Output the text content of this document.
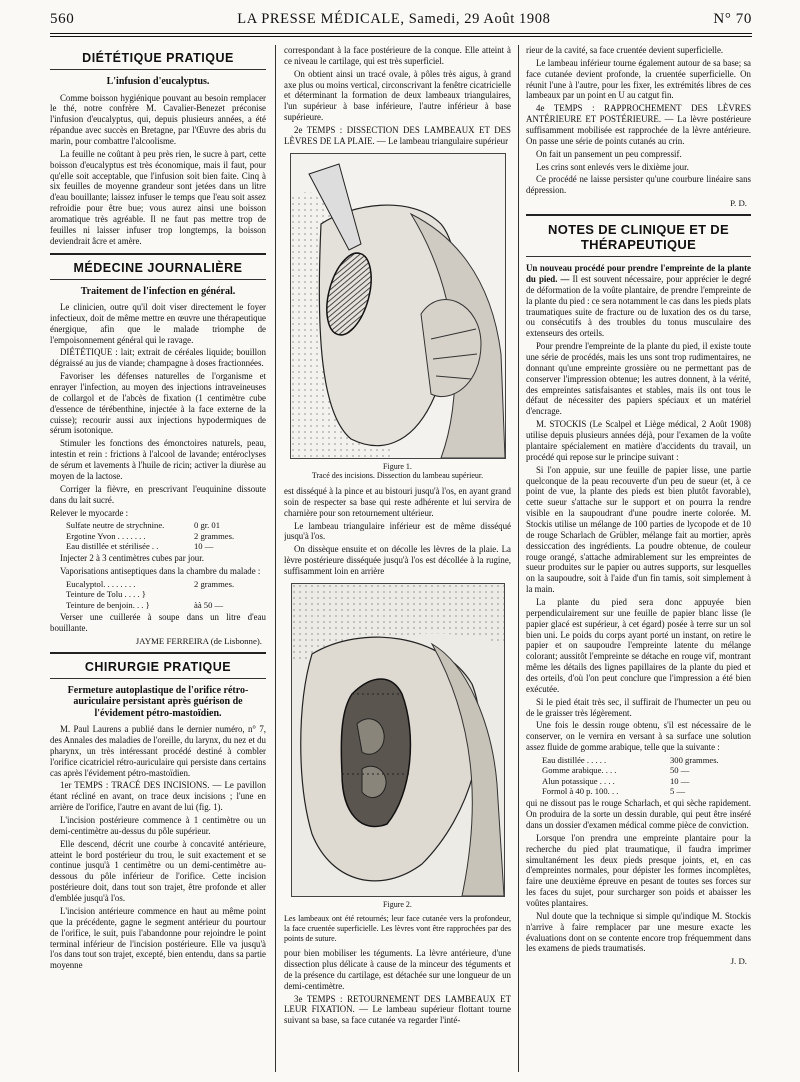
560	LA PRESSE MÉDICALE, Samedi, 29 Août 1908	N° 70
DIÉTÉTIQUE PRATIQUE
L'infusion d'eucalyptus.

Comme boisson hygiénique pouvant au besoin remplacer le thé, notre confrère M. Cavalier-Benezet préconise l'infusion d'eucalyptus, qui, depuis plusieurs années, a été répandue avec succès en Bretagne, par l'Œuvre des abris du marin, pour combattre l'alcoolisme.

La feuille ne coûtant à peu près rien, le sucre à part, cette boisson d'eucalyptus est très économique, mais il faut, pour qu'elle soit acceptable, que l'infusion soit bien faite. Cinq à six feuilles de moyenne grandeur sont jetées dans un litre d'eau bouillante; laissez infuser le temps que l'eau soit assez refroidie pour être bue; vous aurez ainsi une boisson aromatique très agréable. Il ne faut pas mettre trop de feuilles ni laisser infuser trop longtemps, la boisson deviendrait âcre et amère.

MÉDECINE JOURNALIÈRE
Traitement de l'infection en général.

Le clinicien, outre qu'il doit viser directement le foyer infectieux, doit de même mettre en œuvre une thérapeutique énergique, afin que le malade triomphe de l'empoisonnement général qui le ravage.

DIÉTÉTIQUE : lait; extrait de céréales liquide; bouillon dégraissé au jus de viande; champagne à doses fractionnées.

Favoriser les défenses naturelles de l'organisme et enrayer l'infection, au moyen des injections intraveineuses de collargol et de l'abcès de fixation (1 centimètre cube d'essence de térébenthine, injectée à la face externe de la cuisse); recourir aussi aux injections hypodermiques de sérum isotonique.

Stimuler les fonctions des émonctoires naturels, peau, intestin et rein : frictions à l'alcool de lavande; entéroclyses de sérum et lavements à l'huile de ricin; activer la diurèse au moyen de la lactose.

Corriger la fièvre, en prescrivant l'euquinine dissoute dans du lait sucré.

Relever le myocarde :

Sulfate neutre de strychnine.	0 gr. 01
Ergotine Yvon . . . . . . .	2 grammes.
Eau distillée et stérilisée . .	10 —

Injecter 2 à 3 centimètres cubes par jour.

Vaporisations antiseptiques dans la chambre du malade :

Eucalyptol. . . . . . . .	2 grammes.
Teinture de Tolu . . . . }
Teinture de benjoin. . . }	àà 50 —

Verser une cuillerée à soupe dans un litre d'eau bouillante.

JAYME FERREIRA (de Lisbonne).
CHIRURGIE PRATIQUE
Fermeture autoplastique de l'orifice rétro-auriculaire persistant après guérison de l'évidement pétro-mastoïdien.

M. Paul Laurens a publié dans le dernier numéro, n° 7, des Annales des maladies de l'oreille, du larynx, du nez et du pharynx, un très intéressant procédé destiné à combler l'orifice cicatriciel rétro-auriculaire qui persiste dans certains cas après l'évidement pétro-mastoïdien.

1er TEMPS : TRACÉ DES INCISIONS. — Le pavillon étant récliné en avant, on trace deux incisions ; l'une en arrière de l'orifice, l'autre en avant de lui (fig. 1).

L'incision postérieure commence à 1 centimètre ou un demi-centimètre au-dessus du pôle supérieur.

Elle descend, décrit une courbe à concavité antérieure, atteint le bord postérieur du trou, le suit exactement et se continue jusqu'à 1 centimètre ou un demi-centimètre au-dessous du pôle inférieur de l'orifice. Cette incision postérieure doit, dans tout son trajet, être profonde et aller d'emblée jusqu'à l'os.

L'incision antérieure commence en haut au même point que la précédente, gagne le segment antérieur du pourtour de l'orifice, le suit, puis l'abandonne pour rejoindre le point terminal inférieur de l'incision postérieure. Elle va jusqu'à l'os dans tout son trajet, excepté, bien entendu, dans sa partie moyenne

correspondant à la face postérieure de la conque. Elle atteint à ce niveau le cartilage, qui est très superficiel.

On obtient ainsi un tracé ovale, à pôles très aigus, à grand axe plus ou moins vertical, circonscrivant la fenêtre cicatricielle et déterminant la formation de deux lambeaux triangulaires, l'un supérieur à base inférieure, l'autre inférieur à base supérieure.

2e TEMPS : DISSECTION DES LAMBEAUX ET DES LÈVRES DE LA PLAIE. — Le lambeau triangulaire supérieur

Figure 1.
Tracé des incisions. Dissection du lambeau supérieur.

est disséqué à la pince et au bistouri jusqu'à l'os, en ayant grand soin de respecter sa base qui reste adhérente et lui servira de charnière pour son retournement ultérieur.

Le lambeau triangulaire inférieur est de même disséqué jusqu'à l'os.

On dissèque ensuite et on décolle les lèvres de la plaie. La lèvre postérieure disséquée jusqu'à l'os est décollée à la rugine, suffisamment loin en arrière

Figure 2.
Les lambeaux ont été retournés; leur face cutanée vers la profondeur, la face cruentée superficielle. Les lèvres vont être rapprochées par des points de suture.

pour bien mobiliser les téguments. La lèvre antérieure, d'une dissection plus délicate à cause de la minceur des téguments et de la présence du cartilage, est détachée sur une longueur de un demi-centimètre.

3e TEMPS : RETOURNEMENT DES LAMBEAUX ET LEUR FIXATION. — Le lambeau supérieur flottant tourne suivant sa base, sa face cutanée va regarder l'inté-

rieur de la cavité, sa face cruentée devient superficielle.

Le lambeau inférieur tourne également autour de sa base; sa face cutanée devient profonde, la cruentée superficielle. On réunit l'une à l'autre, pour les fixer, les extrémités libres de ces lambeaux par un point en U au catgut fin.

4e TEMPS : RAPPROCHEMENT DES LÈVRES ANTÉRIEURE ET POSTÉRIEURE. — La lèvre postérieure suffisamment mobilisée est rapprochée de la lèvre antérieure. On passe une série de points cutanés au crin.

On fait un pansement un peu compressif.

Les crins sont enlevés vers le dixième jour.

Ce procédé ne laisse persister qu'une courbure linéaire sans dépression.

P. D.
NOTES DE CLINIQUE ET DE THÉRAPEUTIQUE

Un nouveau procédé pour prendre l'empreinte de la plante du pied. — Il est souvent nécessaire, pour apprécier le degré de déformation de la voûte plantaire, de prendre l'empreinte de la plante du pied : ce sera notamment le cas dans les pieds plats traumatiques suite de fracture ou de luxation des os du tarse, ou consécutifs à des troubles du tonus musculaire des extenseurs des orteils.

Pour prendre l'empreinte de la plante du pied, il existe toute une série de procédés, mais les uns sont trop rudimentaires, ne donnant qu'une empreinte grossière ou ne permettant pas de conserver l'impression obtenue; les autres donnent, à la vérité, des empreintes satisfaisantes et stables, mais ils ont tous le défaut de nécessiter des papiers spéciaux et un matériel d'encrage.

M. STOCKIS (Le Scalpel et Liège médical, 2 Août 1908) utilise depuis plusieurs années déjà, pour l'examen de la voûte plantaire spécialement en matière d'accidents du travail, un procédé qui repose sur le principe suivant :

Si l'on appuie, sur une feuille de papier lisse, une partie quelconque de la peau recouverte d'un peu de sueur (et, à ce point de vue, la plante des pieds est bien plutôt favorable), cette sueur s'attache sur le support et on pourra la rendre visible en la saupoudrant d'une poudre inerte colorée. M. Stockis utilise un mélange de 100 parties de lycopode et de 10 de rouge Scharlach de Grübler, mélange fait au mortier, après dessiccation des ingrédients. La poudre obtenue, de couleur rouge orangé, s'attache admirablement sur les empreintes de sueur produites sur le papier ou autres supports, sur lesquelles on la saupoudre, soit à l'aide d'un fin tamis, soit simplement à la main.

La plante du pied sera donc appuyée bien perpendiculairement sur une feuille de papier blanc lisse (le papier glacé est supérieur, à cet égard) posée à terre sur un sol bien uni. Le poids du corps ayant porté un instant, on retire le papier et on saupoudre l'empreinte latente du mélange colorant; aussitôt l'empreinte se détache en rouge vif, montrant même les détails des lignes papillaires de la plante du pied et des orteils, d'où l'on peut conclure que l'impression a été bien exécutée.

Si le pied était très sec, il suffirait de l'humecter un peu ou de le graisser très légèrement.

Une fois le dessin rouge obtenu, s'il est nécessaire de le conserver, on le vernira en versant à sa surface une solution assez fluide de gomme arabique, telle que la suivante :

Eau distillée . . . . .	300 grammes.
Gomme arabique. . . .	50 —
Alun potassique . . . .	10 —
Formol à 40 p. 100. . .	5 —

qui ne dissout pas le rouge Scharlach, et qui sèche rapidement. On produira de la sorte un dessin durable, qui peut être inséré dans un dossier d'examen médical comme pièce de conviction.

Lorsque l'on prendra une empreinte plantaire pour la recherche du pied plat traumatique, il faudra imprimer simultanément les deux pieds presque joints, et, en cas d'empreintes normales, pour dépister les formes incomplètes, faire une deuxième épreuve en pesant de toutes ses forces sur les faces du sujet, pour surcharger son poids et abaisser les voûtes plantaires.

Nul doute que la technique si simple qu'indique M. Stockis n'arrive à faire remplacer par une mesure exacte les évaluations dont on se contente encore trop fréquemment dans les examens de pieds traumatisés.

J. D.
